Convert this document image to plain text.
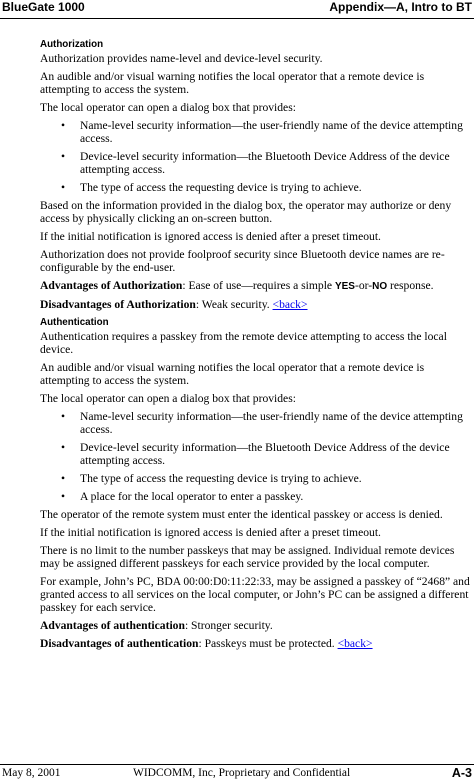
BlueGate 1000	Appendix—A, Intro to BT
Authorization

Authorization provides name-level and device-level security.

An audible and/or visual warning notifies the local operator that a remote device is attempting to access the system.

The local operator can open a dialog box that provides:

• Name-level security information—the user-friendly name of the device attempting access.
• Device-level security information—the Bluetooth Device Address of the device attempting access.
• The type of access the requesting device is trying to achieve.

Based on the information provided in the dialog box, the operator may authorize or deny access by physically clicking an on-screen button.

If the initial notification is ignored access is denied after a preset timeout.

Authorization does not provide foolproof security since Bluetooth device names are re-configurable by the end-user.

Advantages of Authorization: Ease of use—requires a simple YES-or-NO response.

Disadvantages of Authorization: Weak security. <back>

Authentication

Authentication requires a passkey from the remote device attempting to access the local device.

An audible and/or visual warning notifies the local operator that a remote device is attempting to access the system.

The local operator can open a dialog box that provides:

• Name-level security information—the user-friendly name of the device attempting access.
• Device-level security information—the Bluetooth Device Address of the device attempting access.
• The type of access the requesting device is trying to achieve.
• A place for the local operator to enter a passkey.

The operator of the remote system must enter the identical passkey or access is denied.

If the initial notification is ignored access is denied after a preset timeout.

There is no limit to the number passkeys that may be assigned. Individual remote devices may be assigned different passkeys for each service provided by the local computer.

For example, John’s PC, BDA 00:00:D0:11:22:33, may be assigned a passkey of “2468” and granted access to all services on the local computer, or John’s PC can be assigned a different passkey for each service.

Advantages of authentication: Stronger security.

Disadvantages of authentication: Passkeys must be protected. <back>

May 8, 2001	WIDCOMM, Inc, Proprietary and Confidential	A-3
